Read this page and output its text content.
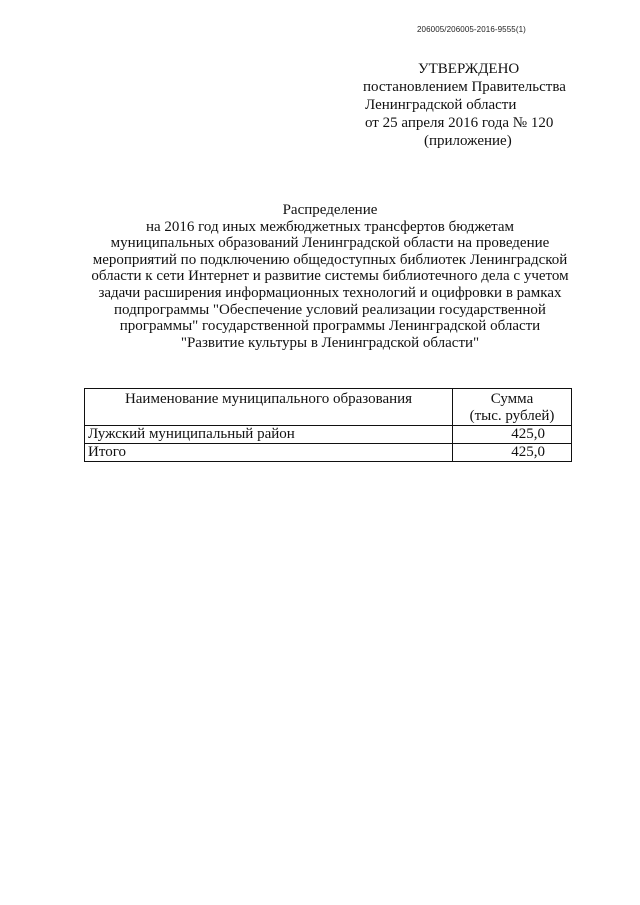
206005/206005-2016-9555(1)
УТВЕРЖДЕНО
постановлением Правительства
Ленинградской области
от 25 апреля 2016 года № 120
(приложение)
Распределение
на 2016 год иных межбюджетных трансфертов бюджетам
муниципальных образований Ленинградской области на проведение
мероприятий по подключению общедоступных библиотек Ленинградской
области к сети Интернет и развитие системы библиотечного дела с учетом
задачи расширения информационных технологий и оцифровки в рамках
подпрограммы "Обеспечение условий реализации государственной
программы" государственной программы Ленинградской области
"Развитие культуры в Ленинградской области"
Наименование муниципального образования	Сумма
(тыс. рублей)

Лужский муниципальный район	425,0
Итого	425,0
